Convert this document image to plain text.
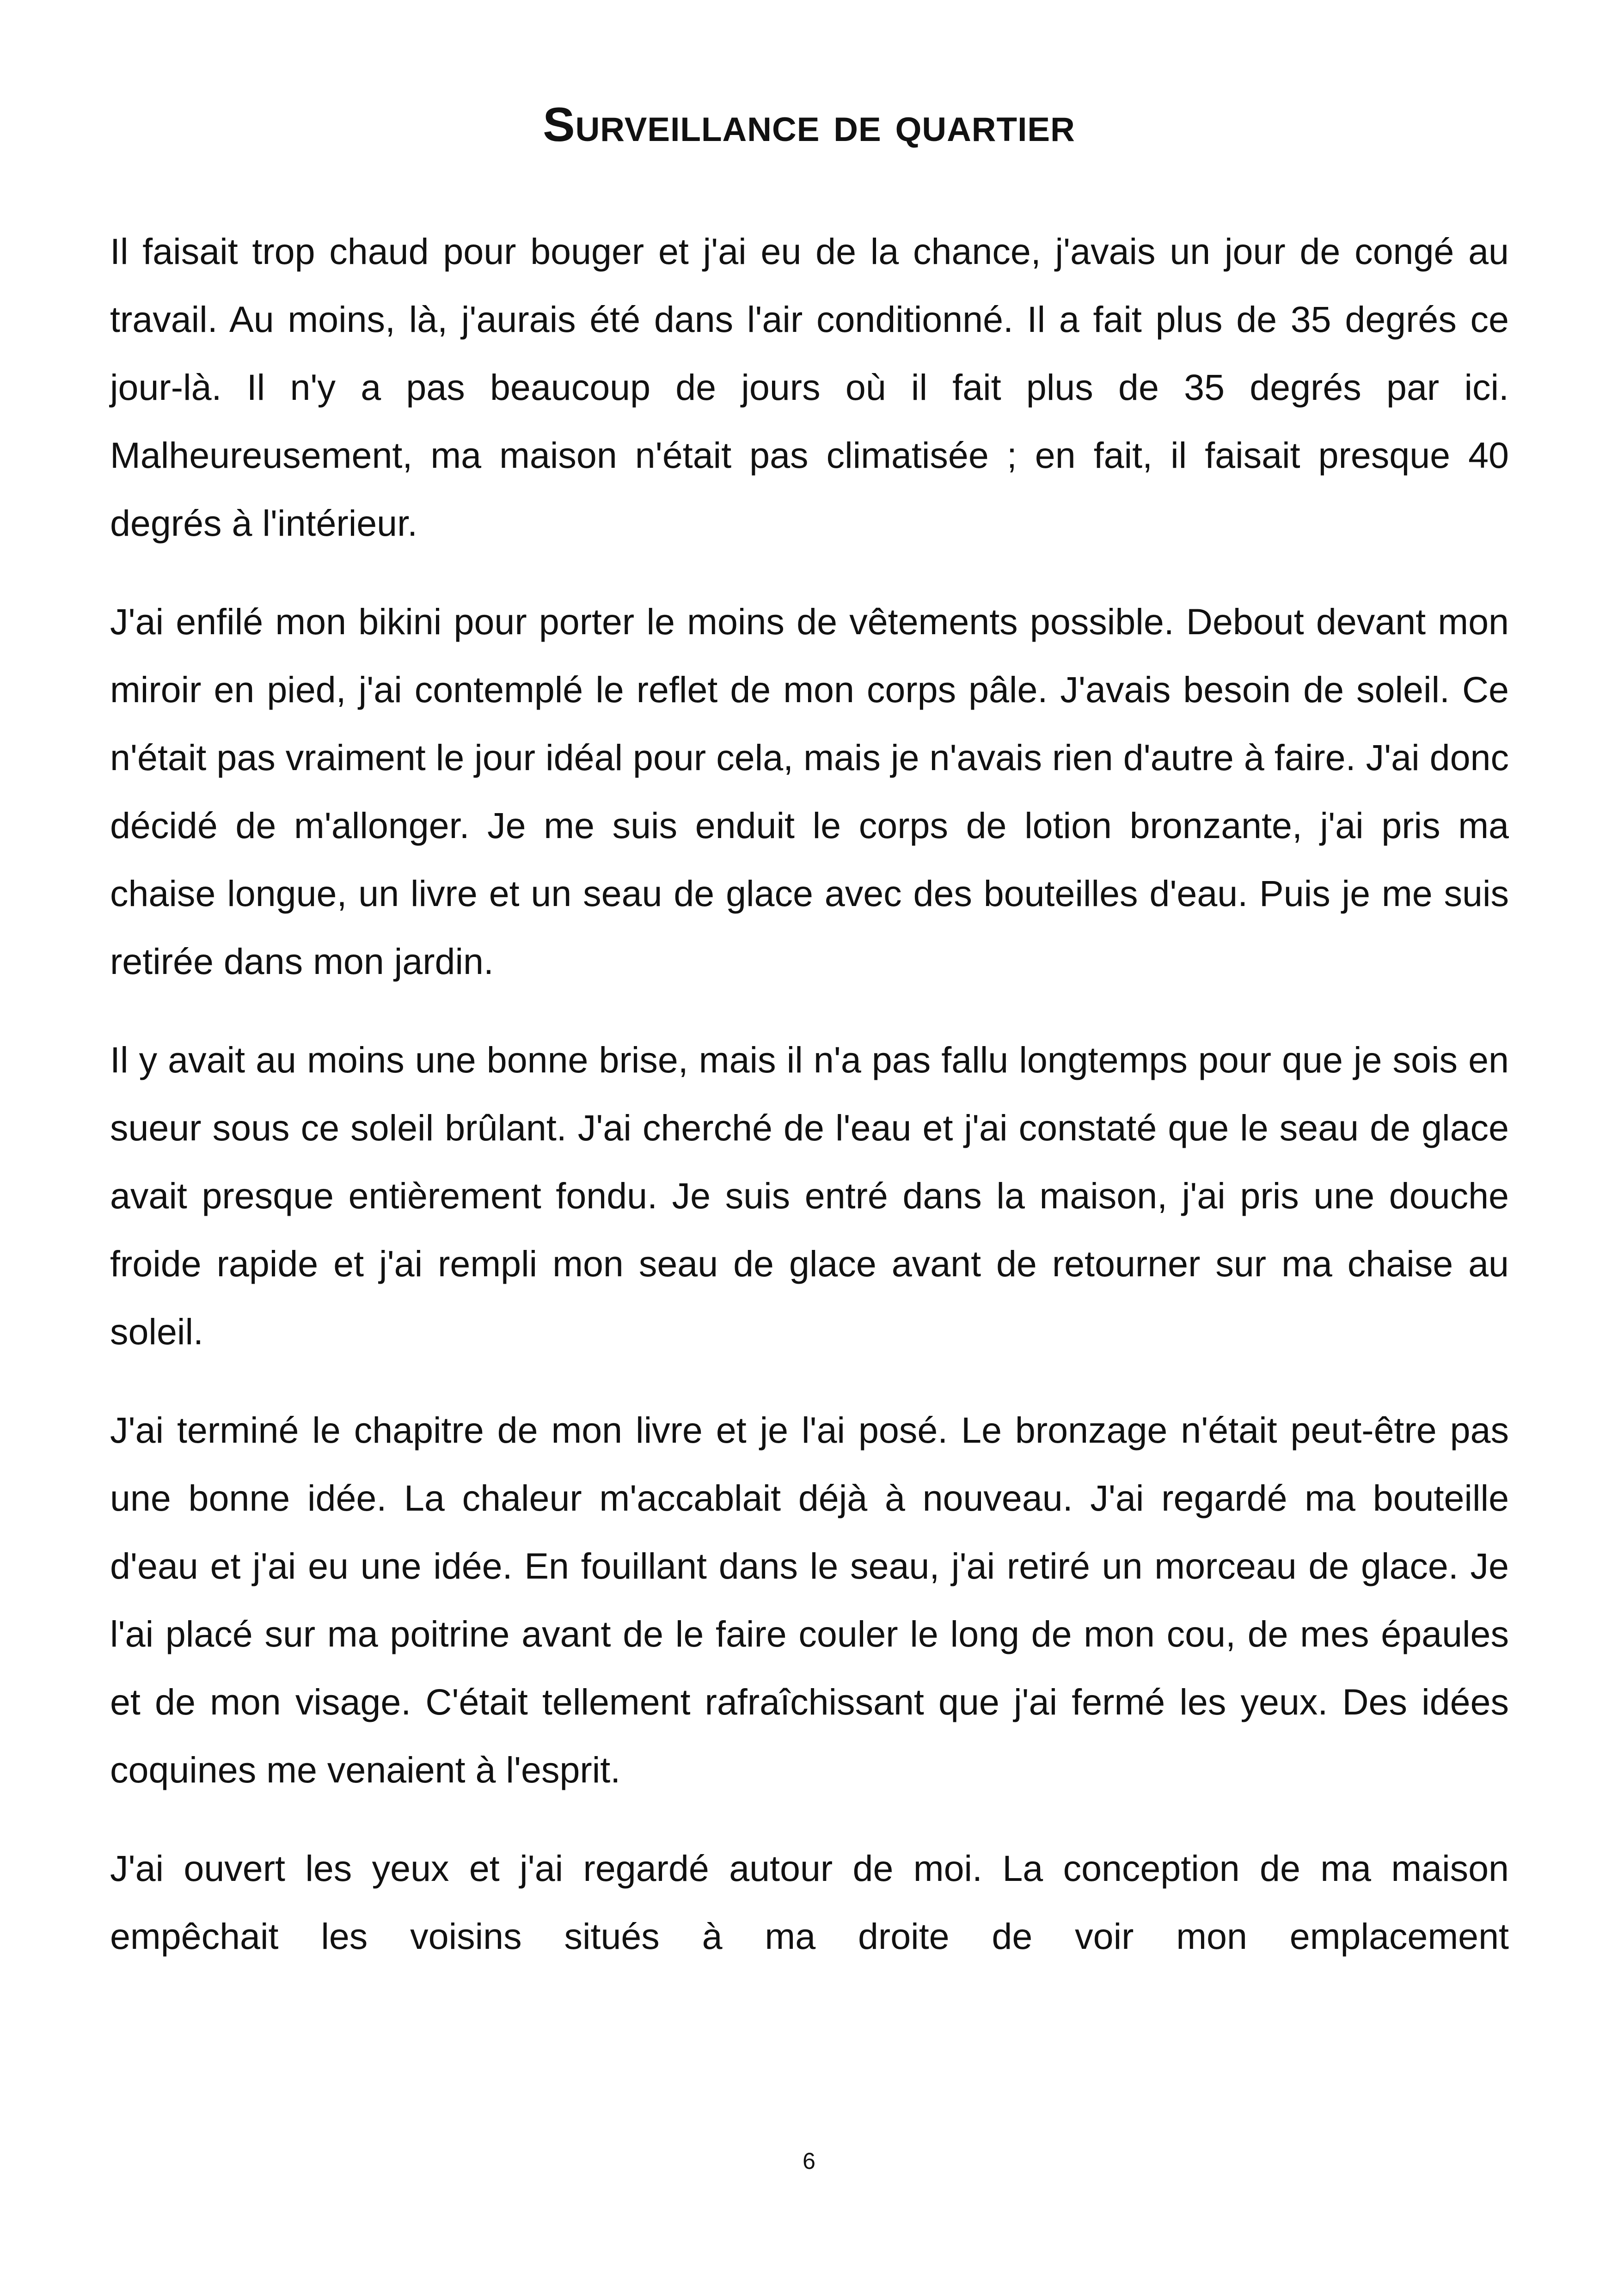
Surveillance de quartier

Il faisait trop chaud pour bouger et j'ai eu de la chance, j'avais un jour de congé au travail. Au moins, là, j'aurais été dans l'air conditionné. Il a fait plus de 35 degrés ce jour-là. Il n'y a pas beaucoup de jours où il fait plus de 35 degrés par ici. Malheureusement, ma maison n'était pas climatisée ; en fait, il faisait presque 40 degrés à l'intérieur.

J'ai enfilé mon bikini pour porter le moins de vêtements possible. Debout devant mon miroir en pied, j'ai contemplé le reflet de mon corps pâle. J'avais besoin de soleil. Ce n'était pas vraiment le jour idéal pour cela, mais je n'avais rien d'autre à faire. J'ai donc décidé de m'allonger. Je me suis enduit le corps de lotion bronzante, j'ai pris ma chaise longue, un livre et un seau de glace avec des bouteilles d'eau. Puis je me suis retirée dans mon jardin.

Il y avait au moins une bonne brise, mais il n'a pas fallu longtemps pour que je sois en sueur sous ce soleil brûlant. J'ai cherché de l'eau et j'ai constaté que le seau de glace avait presque entièrement fondu. Je suis entré dans la maison, j'ai pris une douche froide rapide et j'ai rempli mon seau de glace avant de retourner sur ma chaise au soleil.

J'ai terminé le chapitre de mon livre et je l'ai posé. Le bronzage n'était peut-être pas une bonne idée. La chaleur m'accablait déjà à nouveau. J'ai regardé ma bouteille d'eau et j'ai eu une idée. En fouillant dans le seau, j'ai retiré un morceau de glace. Je l'ai placé sur ma poitrine avant de le faire couler le long de mon cou, de mes épaules et de mon visage. C'était tellement rafraîchissant que j'ai fermé les yeux. Des idées coquines me venaient à l'esprit.

J'ai ouvert les yeux et j'ai regardé autour de moi. La conception de ma maison empêchait les voisins situés à ma droite de voir mon emplacement

6
